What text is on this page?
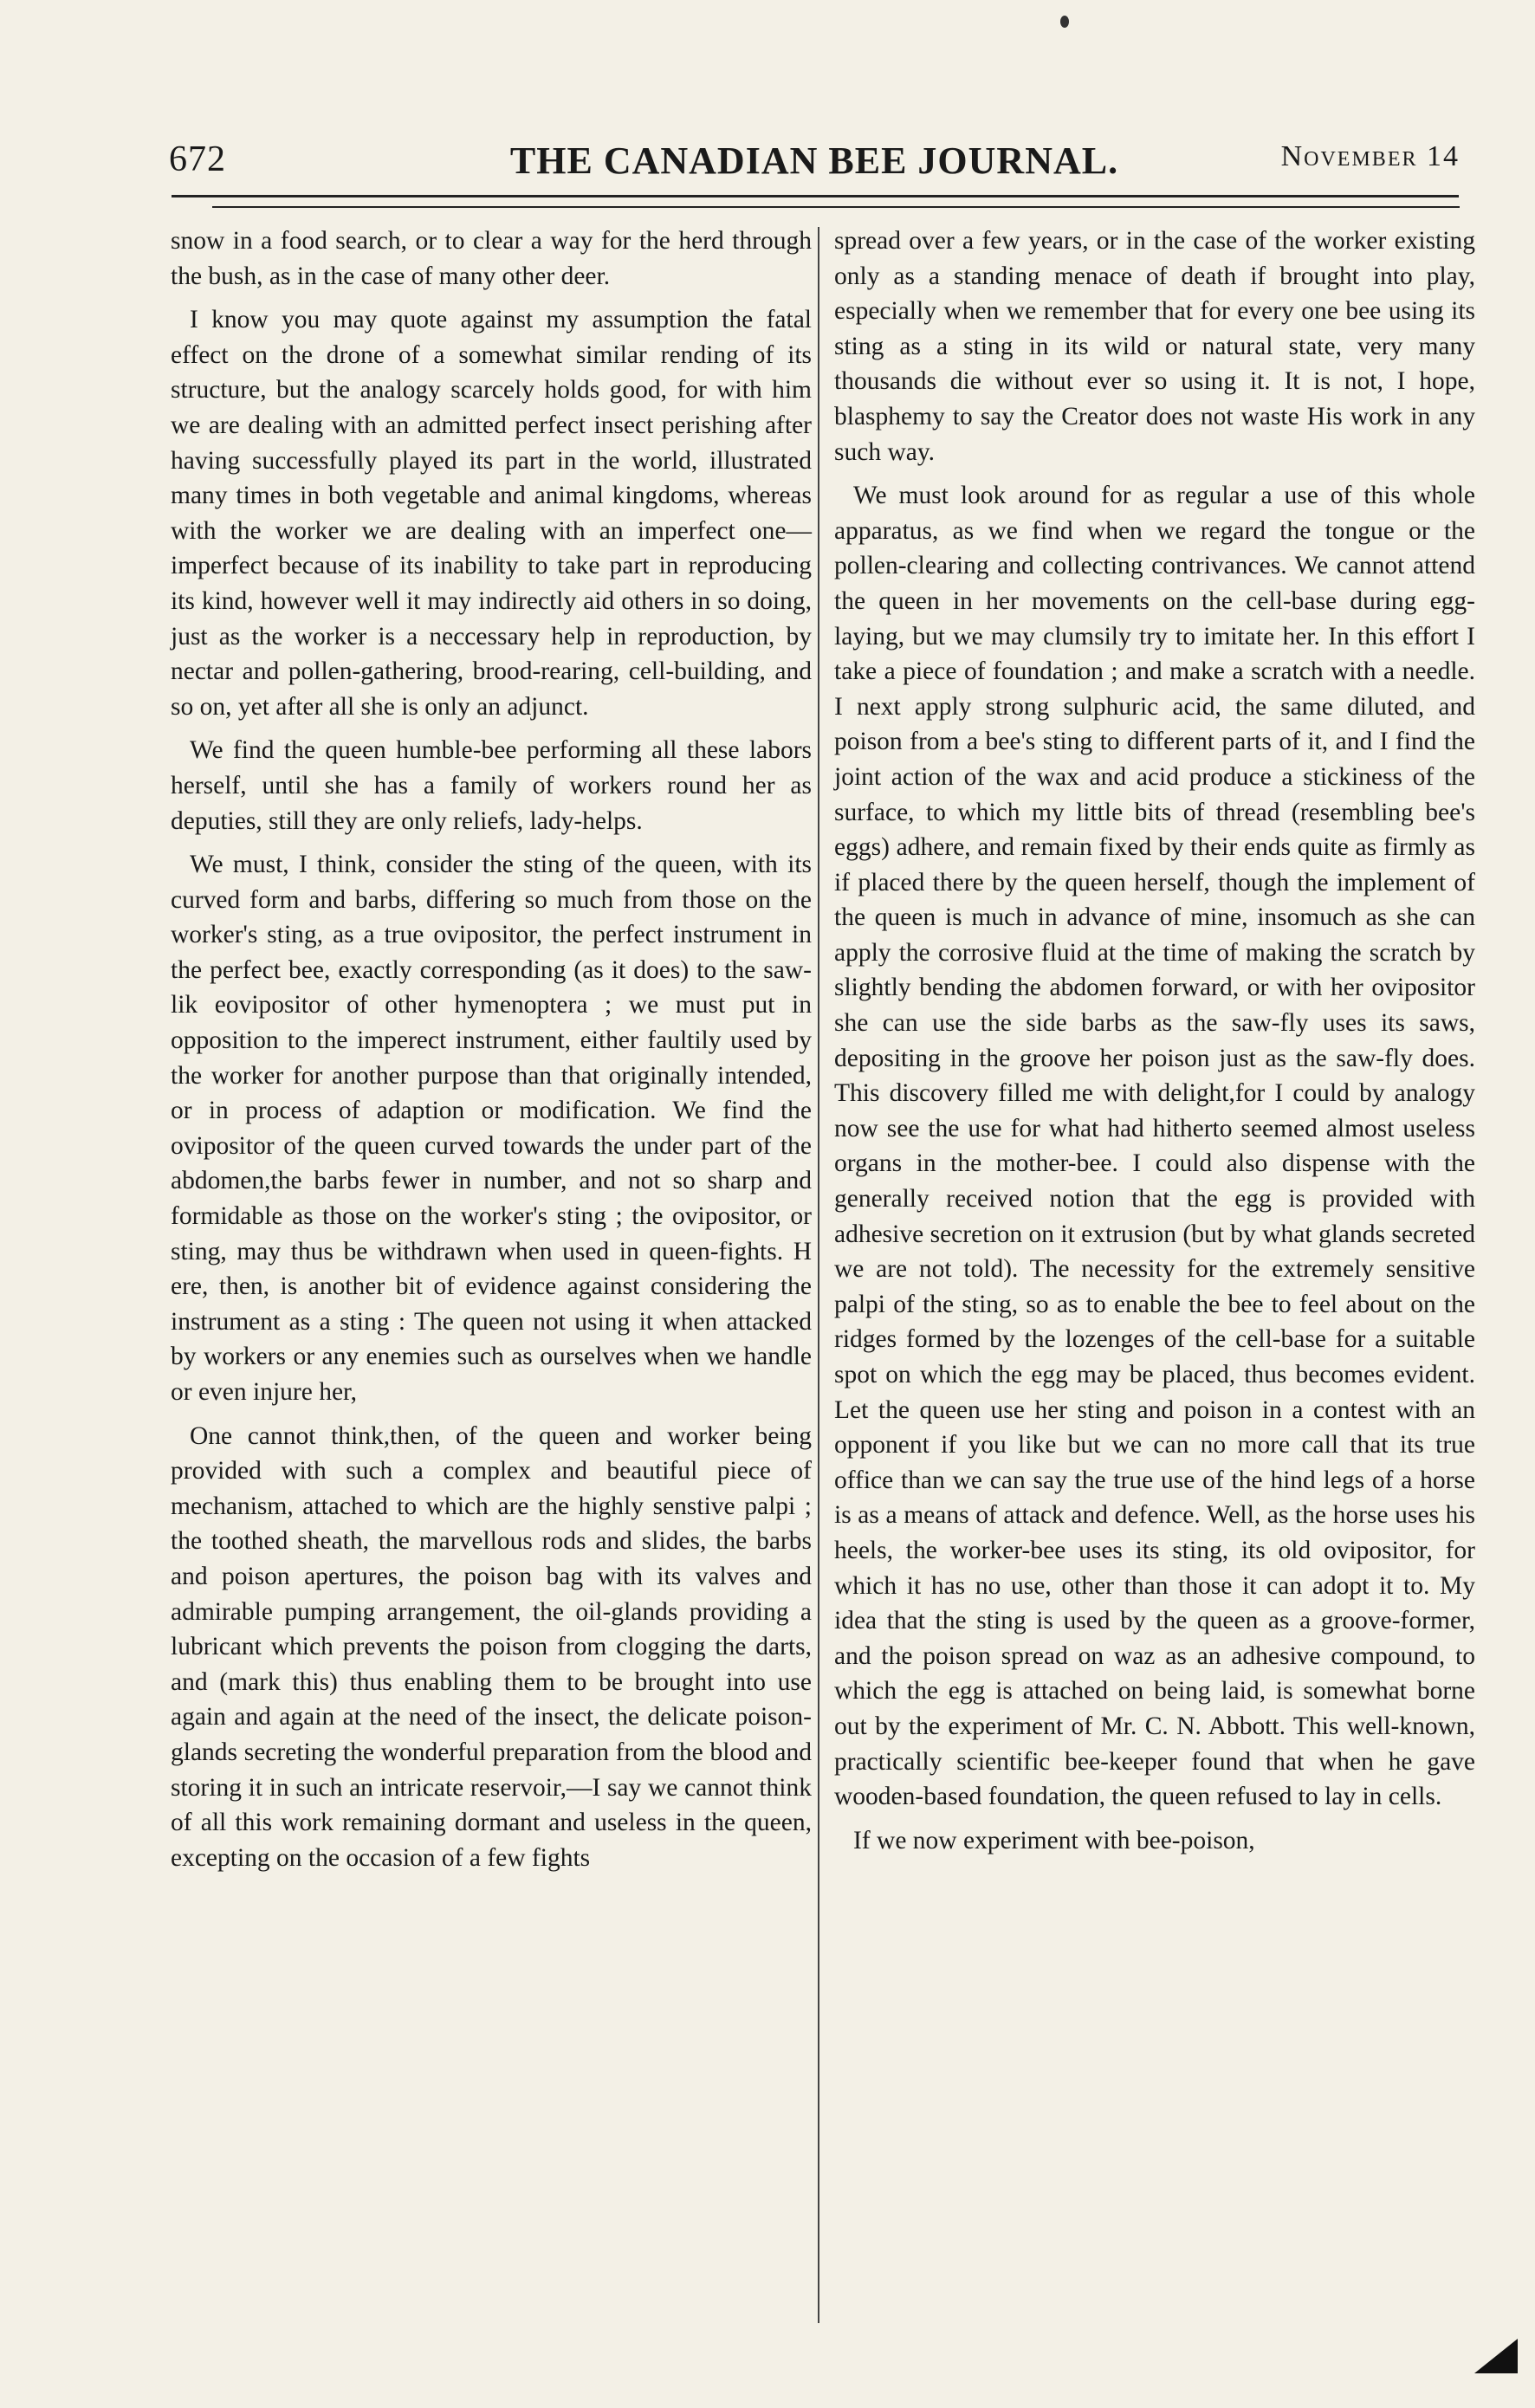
672	THE CANADIAN BEE JOURNAL.	November 14

snow in a food search, or to clear a way for the herd through the bush, as in the case of many other deer.

I know you may quote against my assumption the fatal effect on the drone of a somewhat similar rending of its structure, but the analogy scarcely holds good, for with him we are dealing with an admitted perfect insect perishing after having successfully played its part in the world, illustrated many times in both vegetable and animal kingdoms, whereas with the worker we are dealing with an imperfect one—imperfect because of its inability to take part in reproducing its kind, however well it may indirectly aid others in so doing, just as the worker is a neccessary help in reproduction, by nectar and pollen-gathering, brood-rearing, cell-building, and so on, yet after all she is only an adjunct.

We find the queen humble-bee performing all these labors herself, until she has a family of workers round her as deputies, still they are only reliefs, lady-helps.

We must, I think, consider the sting of the queen, with its curved form and barbs, differing so much from those on the worker's sting, as a true ovipositor, the perfect instrument in the perfect bee, exactly corresponding (as it does) to the saw-lik eovipositor of other hymenoptera ; we must put in opposition to the imperect instrument, either faultily used by the worker for another purpose than that originally intended, or in process of adaption or modification. We find the ovipositor of the queen curved towards the under part of the abdomen,the barbs fewer in number, and not so sharp and formidable as those on the worker's sting ; the ovipositor, or sting, may thus be withdrawn when used in queen-fights. H ere, then, is another bit of evidence against considering the instrument as a sting : The queen not using it when attacked by workers or any enemies such as ourselves when we handle or even injure her,

One cannot think,then, of the queen and worker being provided with such a complex and beautiful piece of mechanism, attached to which are the highly senstive palpi ; the toothed sheath, the marvellous rods and slides, the barbs and poison apertures, the poison bag with its valves and admirable pumping arrangement, the oil-glands providing a lubricant which prevents the poison from clogging the darts, and (mark this) thus enabling them to be brought into use again and again at the need of the insect, the delicate poison-glands secreting the wonderful preparation from the blood and storing it in such an intricate reservoir,—I say we cannot think of all this work remaining dormant and useless in the queen, excepting on the occasion of a few fights

spread over a few years, or in the case of the worker existing only as a standing menace of death if brought into play, especially when we remember that for every one bee using its sting as a sting in its wild or natural state, very many thousands die without ever so using it. It is not, I hope, blasphemy to say the Creator does not waste His work in any such way.

We must look around for as regular a use of this whole apparatus, as we find when we regard the tongue or the pollen-clearing and collecting contrivances. We cannot attend the queen in her movements on the cell-base during egg-laying, but we may clumsily try to imitate her. In this effort I take a piece of foundation ; and make a scratch with a needle. I next apply strong sulphuric acid, the same diluted, and poison from a bee's sting to different parts of it, and I find the joint action of the wax and acid produce a stickiness of the surface, to which my little bits of thread (resembling bee's eggs) adhere, and remain fixed by their ends quite as firmly as if placed there by the queen herself, though the implement of the queen is much in advance of mine, insomuch as she can apply the corrosive fluid at the time of making the scratch by slightly bending the abdomen forward, or with her ovipositor she can use the side barbs as the saw-fly uses its saws, depositing in the groove her poison just as the saw-fly does. This discovery filled me with delight,for I could by analogy now see the use for what had hitherto seemed almost useless organs in the mother-bee. I could also dispense with the generally received notion that the egg is provided with adhesive secretion on it extrusion (but by what glands secreted we are not told). The necessity for the extremely sensitive palpi of the sting, so as to enable the bee to feel about on the ridges formed by the lozenges of the cell-base for a suitable spot on which the egg may be placed, thus becomes evident. Let the queen use her sting and poison in a contest with an opponent if you like but we can no more call that its true office than we can say the true use of the hind legs of a horse is as a means of attack and defence. Well, as the horse uses his heels, the worker-bee uses its sting, its old ovipositor, for which it has no use, other than those it can adopt it to. My idea that the sting is used by the queen as a groove-former, and the poison spread on waz as an adhesive compound, to which the egg is attached on being laid, is somewhat borne out by the experiment of Mr. C. N. Abbott. This well-known, practically scientific bee-keeper found that when he gave wooden-based foundation, the queen refused to lay in cells.

If we now experiment with bee-poison,
